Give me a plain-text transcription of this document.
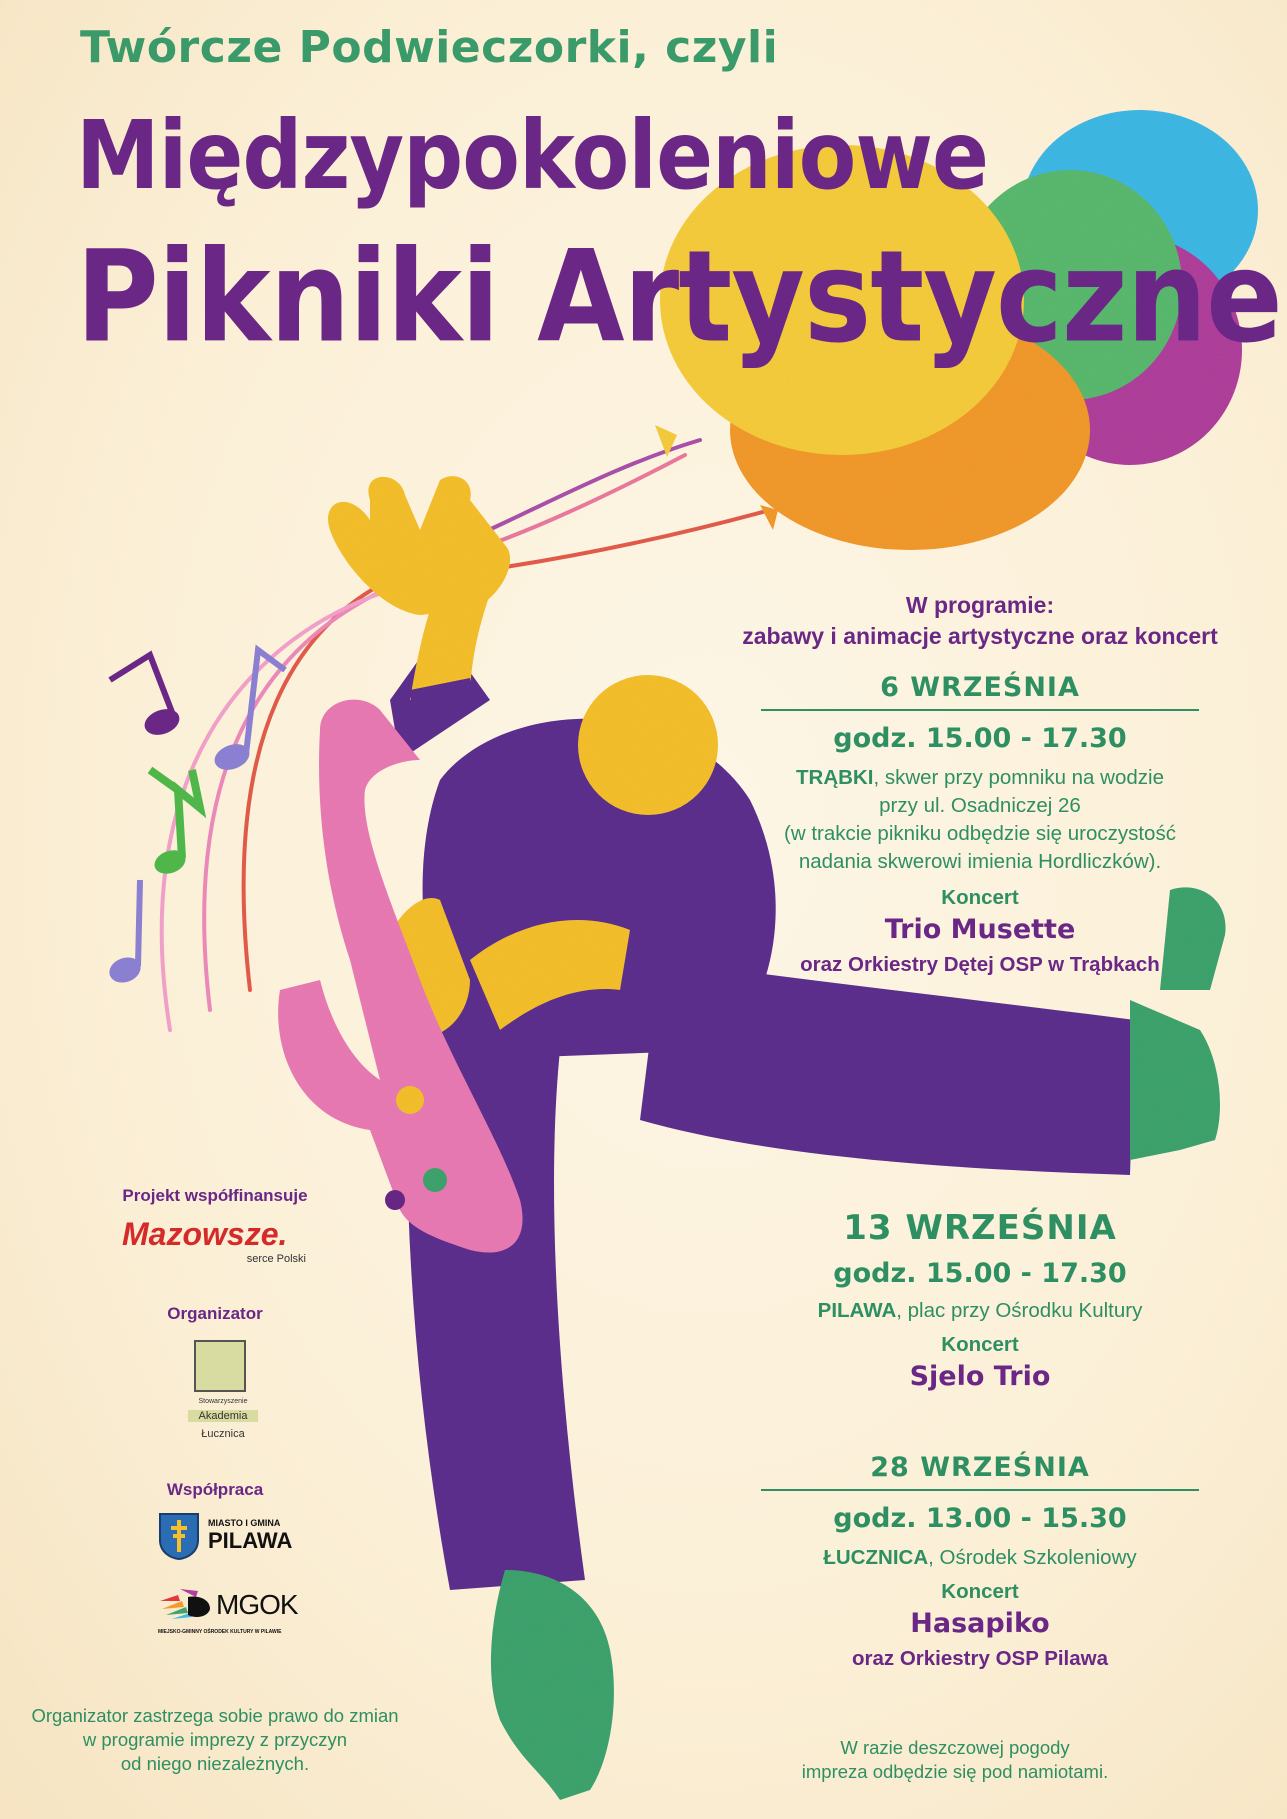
Twórcze Podwieczorki, czyli
Międzypokoleniowe
Pikniki Artystyczne
W programie:
zabawy i animacje artystyczne oraz koncert
6 WRZEŚNIA
godz. 15.00 - 17.30
TRĄBKI, skwer przy pomniku na wodzie
przy ul. Osadniczej 26
(w trakcie pikniku odbędzie się uroczystość
nadania skwerowi imienia Hordliczków).
Koncert
Trio Musette
oraz Orkiestry Dętej OSP w Trąbkach
13 WRZEŚNIA
godz. 15.00 - 17.30
PILAWA, plac przy Ośrodku Kultury
Koncert
Sjelo Trio
28 WRZEŚNIA
godz. 13.00 - 15.30
ŁUCZNICA, Ośrodek Szkoleniowy
Koncert
Hasapiko
oraz Orkiestry OSP Pilawa
Projekt współfinansuje
Mazowsze.
serce Polski
Organizator
Stowarzyszenie
Akademia
Łucznica
Współpraca
MIASTO I GMINA
PILAWA
MGOK
MIEJSKO-GMINNY OŚRODEK KULTURY W PILAWIE
Organizator zastrzega sobie prawo do zmian
w programie imprezy z przyczyn
od niego niezależnych.
W razie deszczowej pogody
impreza odbędzie się pod namiotami.
